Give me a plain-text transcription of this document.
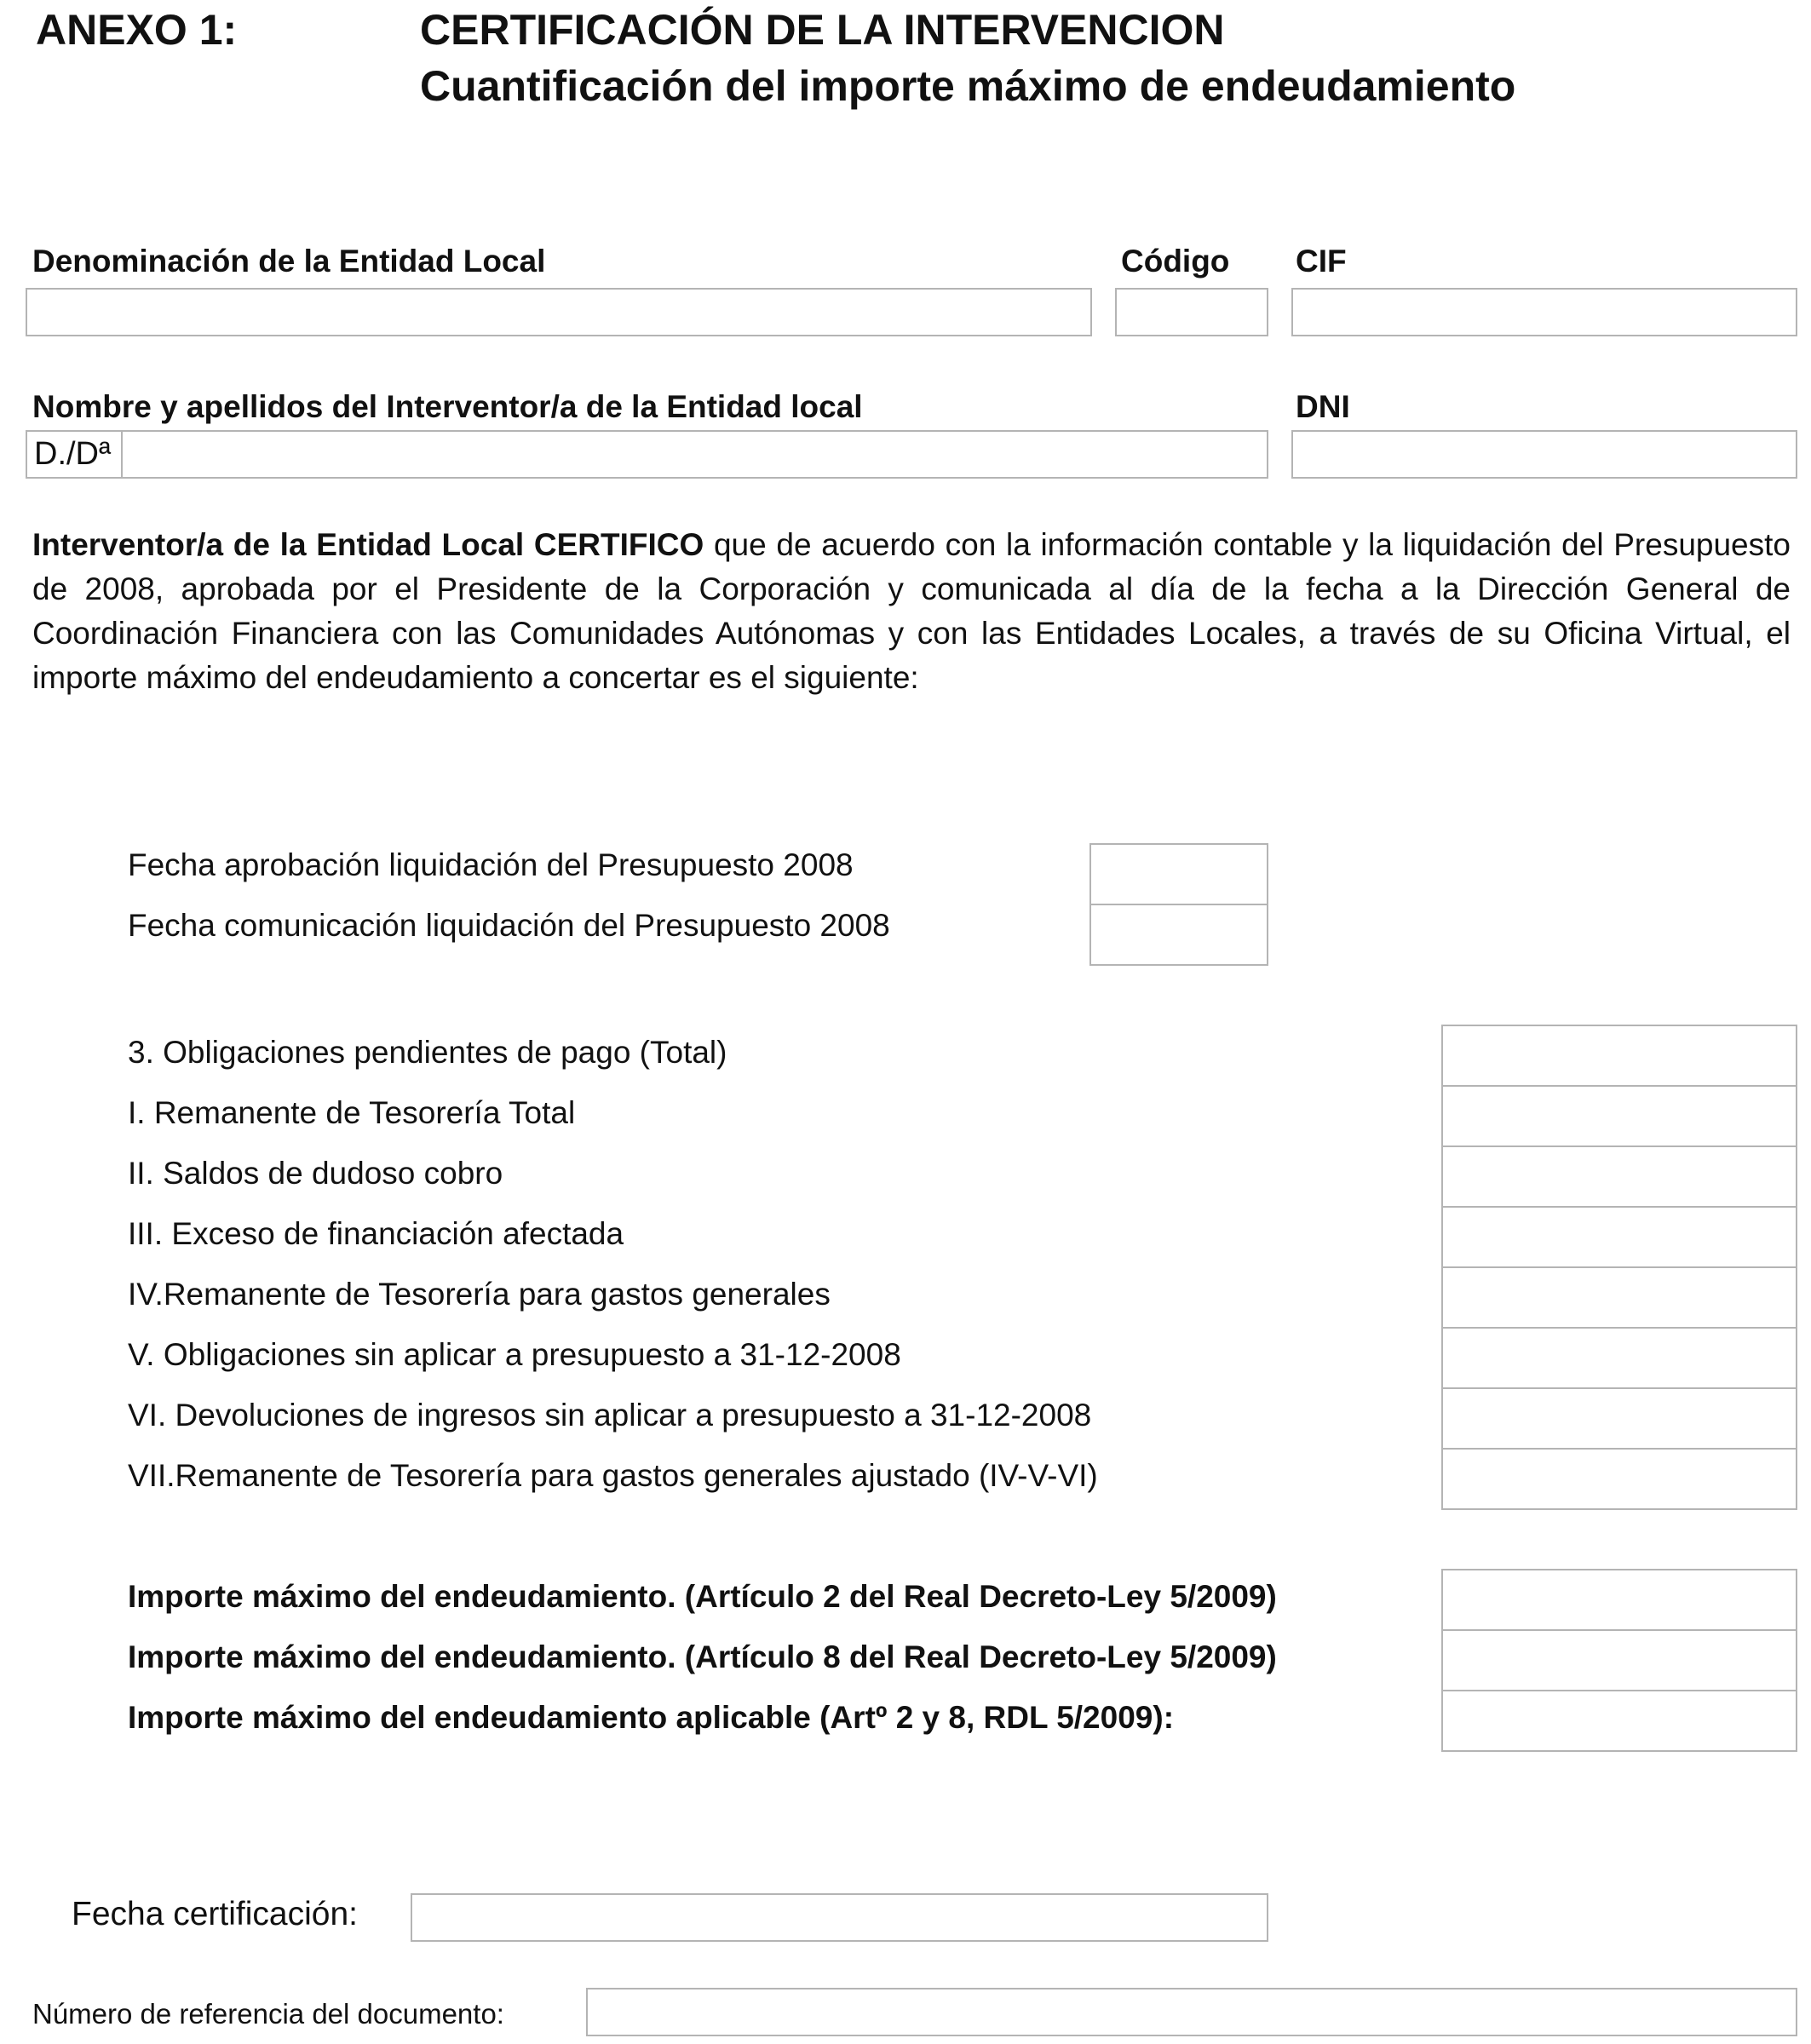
ANEXO 1:	CERTIFICACIÓN DE LA INTERVENCION
Cuantificación del importe máximo de endeudamiento
Denominación de la Entidad Local	Código CIF
Nombre y apellidos del Interventor/a de la Entidad local	DNI
D./Dª
Interventor/a de la Entidad Local CERTIFICO que de acuerdo con la información contable y la liquidación del Presupuesto de 2008, aprobada por el Presidente de la Corporación y comunicada al día de la fecha a la Dirección General de Coordinación Financiera con las Comunidades Autónomas y con las Entidades Locales, a través de su Oficina Virtual, el importe máximo del endeudamiento a concertar es el siguiente:
Fecha aprobación liquidación del Presupuesto 2008
Fecha comunicación liquidación del Presupuesto 2008
3. Obligaciones pendientes de pago (Total)
I. Remanente de Tesorería Total
II. Saldos de dudoso cobro
III. Exceso de financiación afectada
IV.Remanente de Tesorería para gastos generales
V. Obligaciones sin aplicar a presupuesto a 31-12-2008
VI. Devoluciones de ingresos sin aplicar a presupuesto a 31-12-2008
VII.Remanente de Tesorería para gastos generales ajustado (IV-V-VI)
Importe máximo del endeudamiento. (Artículo 2 del Real Decreto-Ley 5/2009)
Importe máximo del endeudamiento. (Artículo 8 del Real Decreto-Ley 5/2009)
Importe máximo del endeudamiento aplicable (Artº 2 y 8, RDL 5/2009):
Fecha certificación:
Número de referencia del documento:
